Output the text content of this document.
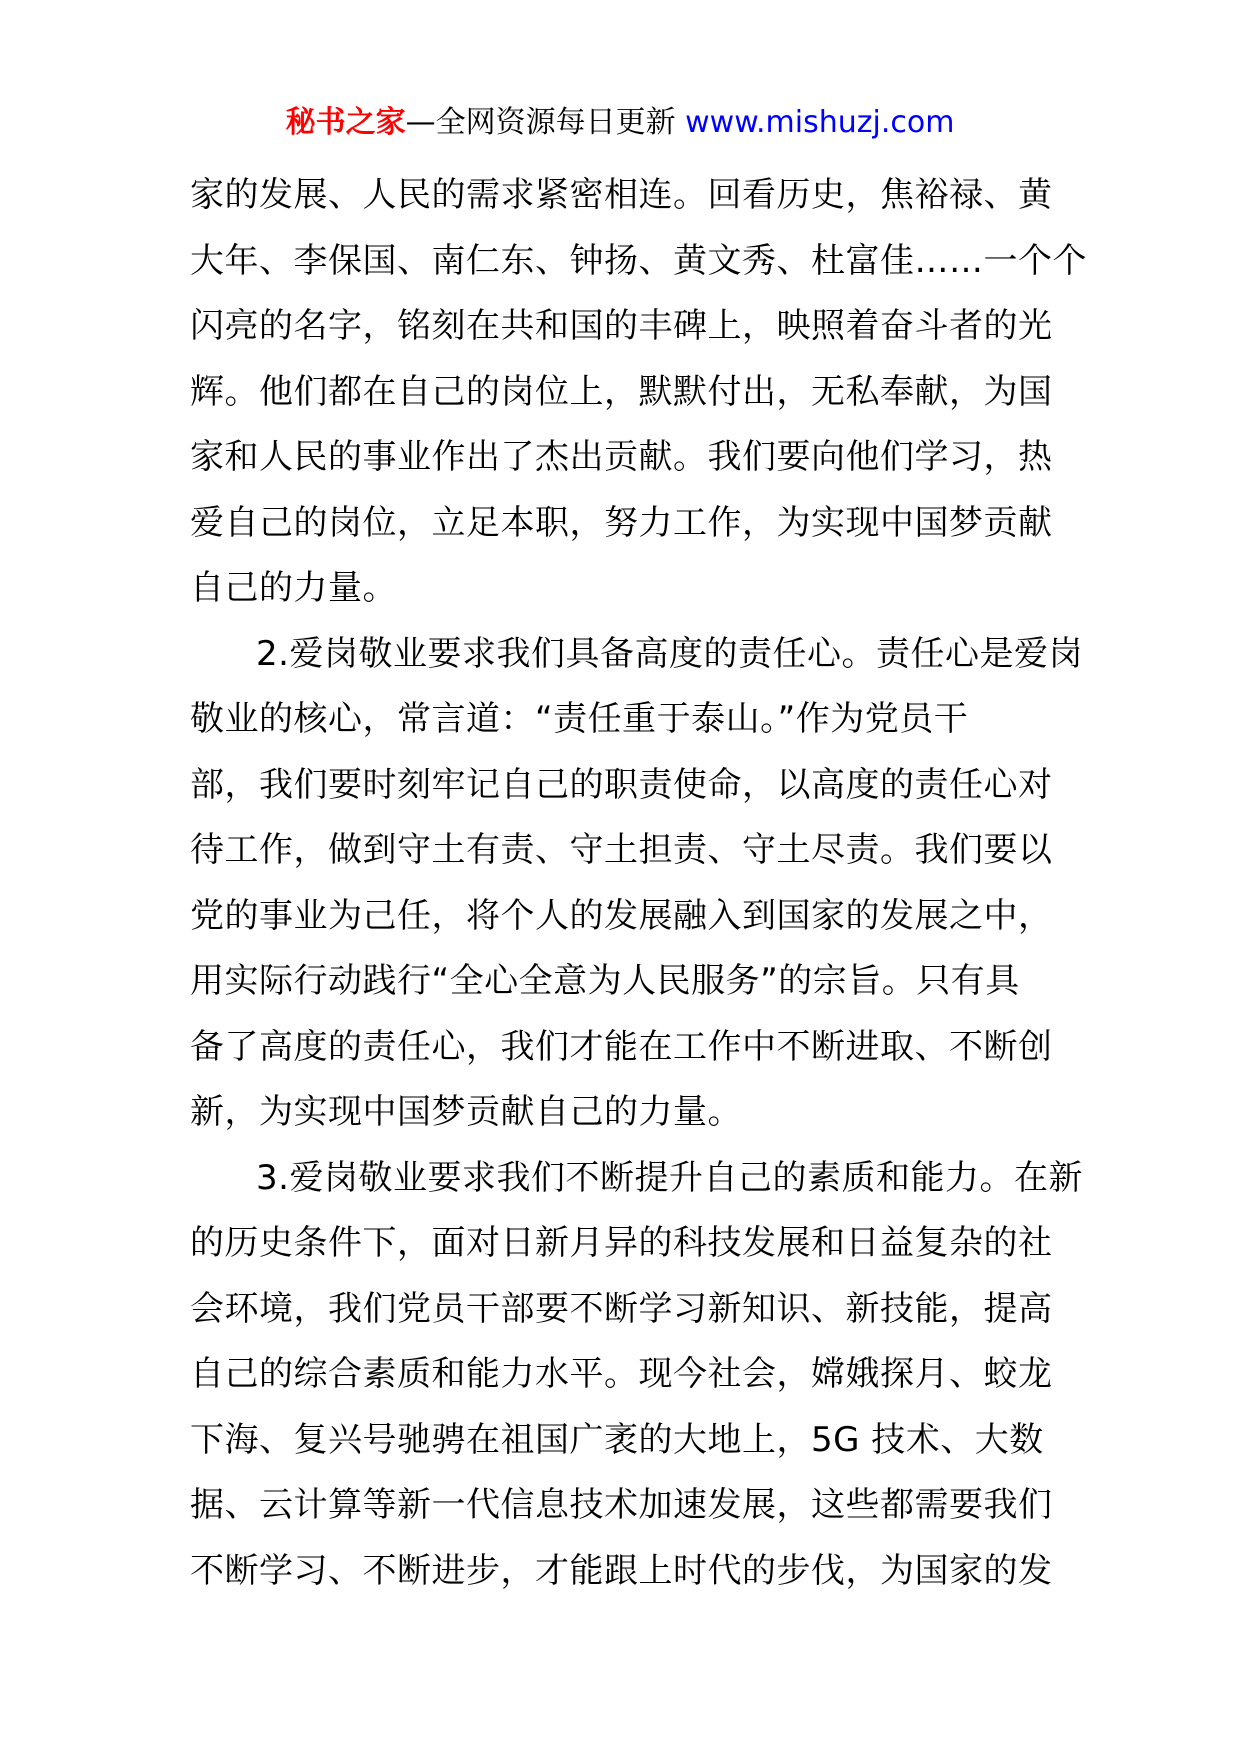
秘书之家—全网资源每日更新 www.mishuzj.com
家的发展、人民的需求紧密相连。回看历史，焦裕禄、黄
大年、李保国、南仁东、钟扬、黄文秀、杜富佳……一个个
闪亮的名字，铭刻在共和国的丰碑上，映照着奋斗者的光
辉。他们都在自己的岗位上，默默付出，无私奉献，为国
家和人民的事业作出了杰出贡献。我们要向他们学习，热
爱自己的岗位，立足本职，努力工作，为实现中国梦贡献
自己的力量。
2.爱岗敬业要求我们具备高度的责任心。责任心是爱岗
敬业的核心，常言道：“责任重于泰山。”作为党员干
部，我们要时刻牢记自己的职责使命，以高度的责任心对
待工作，做到守土有责、守土担责、守土尽责。我们要以
党的事业为己任，将个人的发展融入到国家的发展之中，
用实际行动践行“全心全意为人民服务”的宗旨。只有具
备了高度的责任心，我们才能在工作中不断进取、不断创
新，为实现中国梦贡献自己的力量。
3.爱岗敬业要求我们不断提升自己的素质和能力。在新
的历史条件下，面对日新月异的科技发展和日益复杂的社
会环境，我们党员干部要不断学习新知识、新技能，提高
自己的综合素质和能力水平。现今社会，嫦娥探月、蛟龙
下海、复兴号驰骋在祖国广袤的大地上，5G 技术、大数
据、云计算等新一代信息技术加速发展，这些都需要我们
不断学习、不断进步，才能跟上时代的步伐，为国家的发
